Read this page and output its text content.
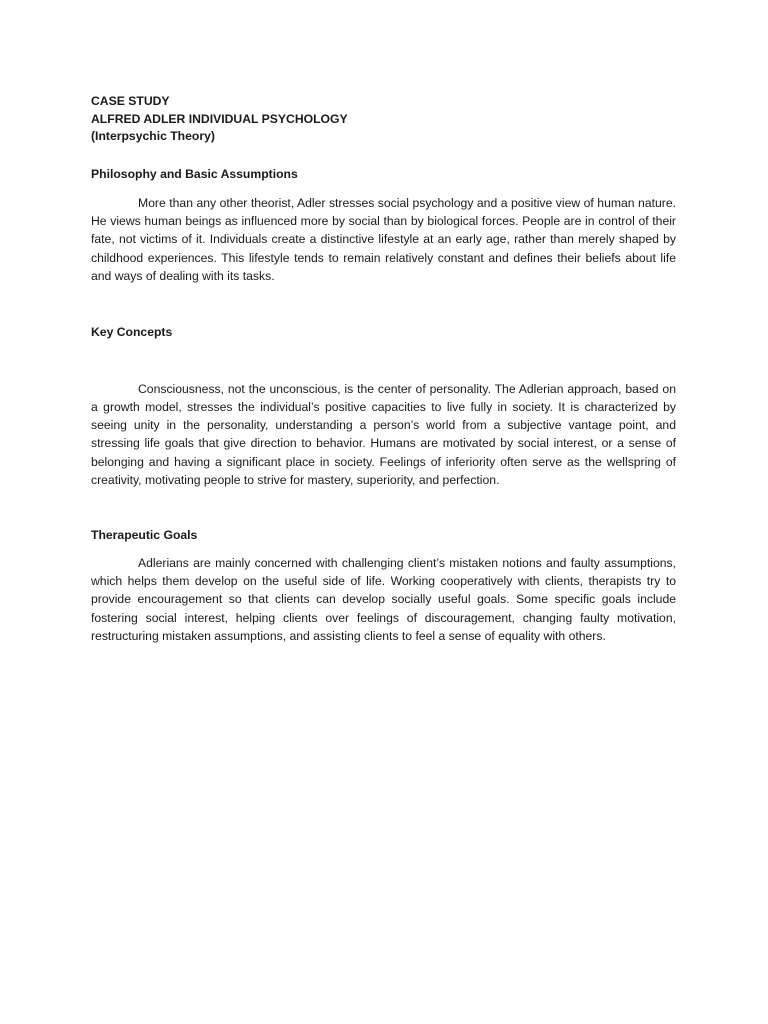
CASE STUDY

ALFRED ADLER INDIVIDUAL PSYCHOLOGY

(Interpsychic Theory)

Philosophy and Basic Assumptions

More than any other theorist, Adler stresses social psychology and a positive view of human nature. He views human beings as influenced more by social than by biological forces. People are in control of their fate, not victims of it. Individuals create a distinctive lifestyle at an early age, rather than merely shaped by childhood experiences. This lifestyle tends to remain relatively constant and defines their beliefs about life and ways of dealing with its tasks.

Key Concepts

Consciousness, not the unconscious, is the center of personality. The Adlerian approach, based on a growth model, stresses the individual’s positive capacities to live fully in society. It is characterized by seeing unity in the personality, understanding a person’s world from a subjective vantage point, and stressing life goals that give direction to behavior. Humans are motivated by social interest, or a sense of belonging and having a significant place in society. Feelings of inferiority often serve as the wellspring of creativity, motivating people to strive for mastery, superiority, and perfection.

Therapeutic Goals

Adlerians are mainly concerned with challenging client’s mistaken notions and faulty assumptions, which helps them develop on the useful side of life. Working cooperatively with clients, therapists try to provide encouragement so that clients can develop socially useful goals. Some specific goals include fostering social interest, helping clients over feelings of discouragement, changing faulty motivation, restructuring mistaken assumptions, and assisting clients to feel a sense of equality with others.
